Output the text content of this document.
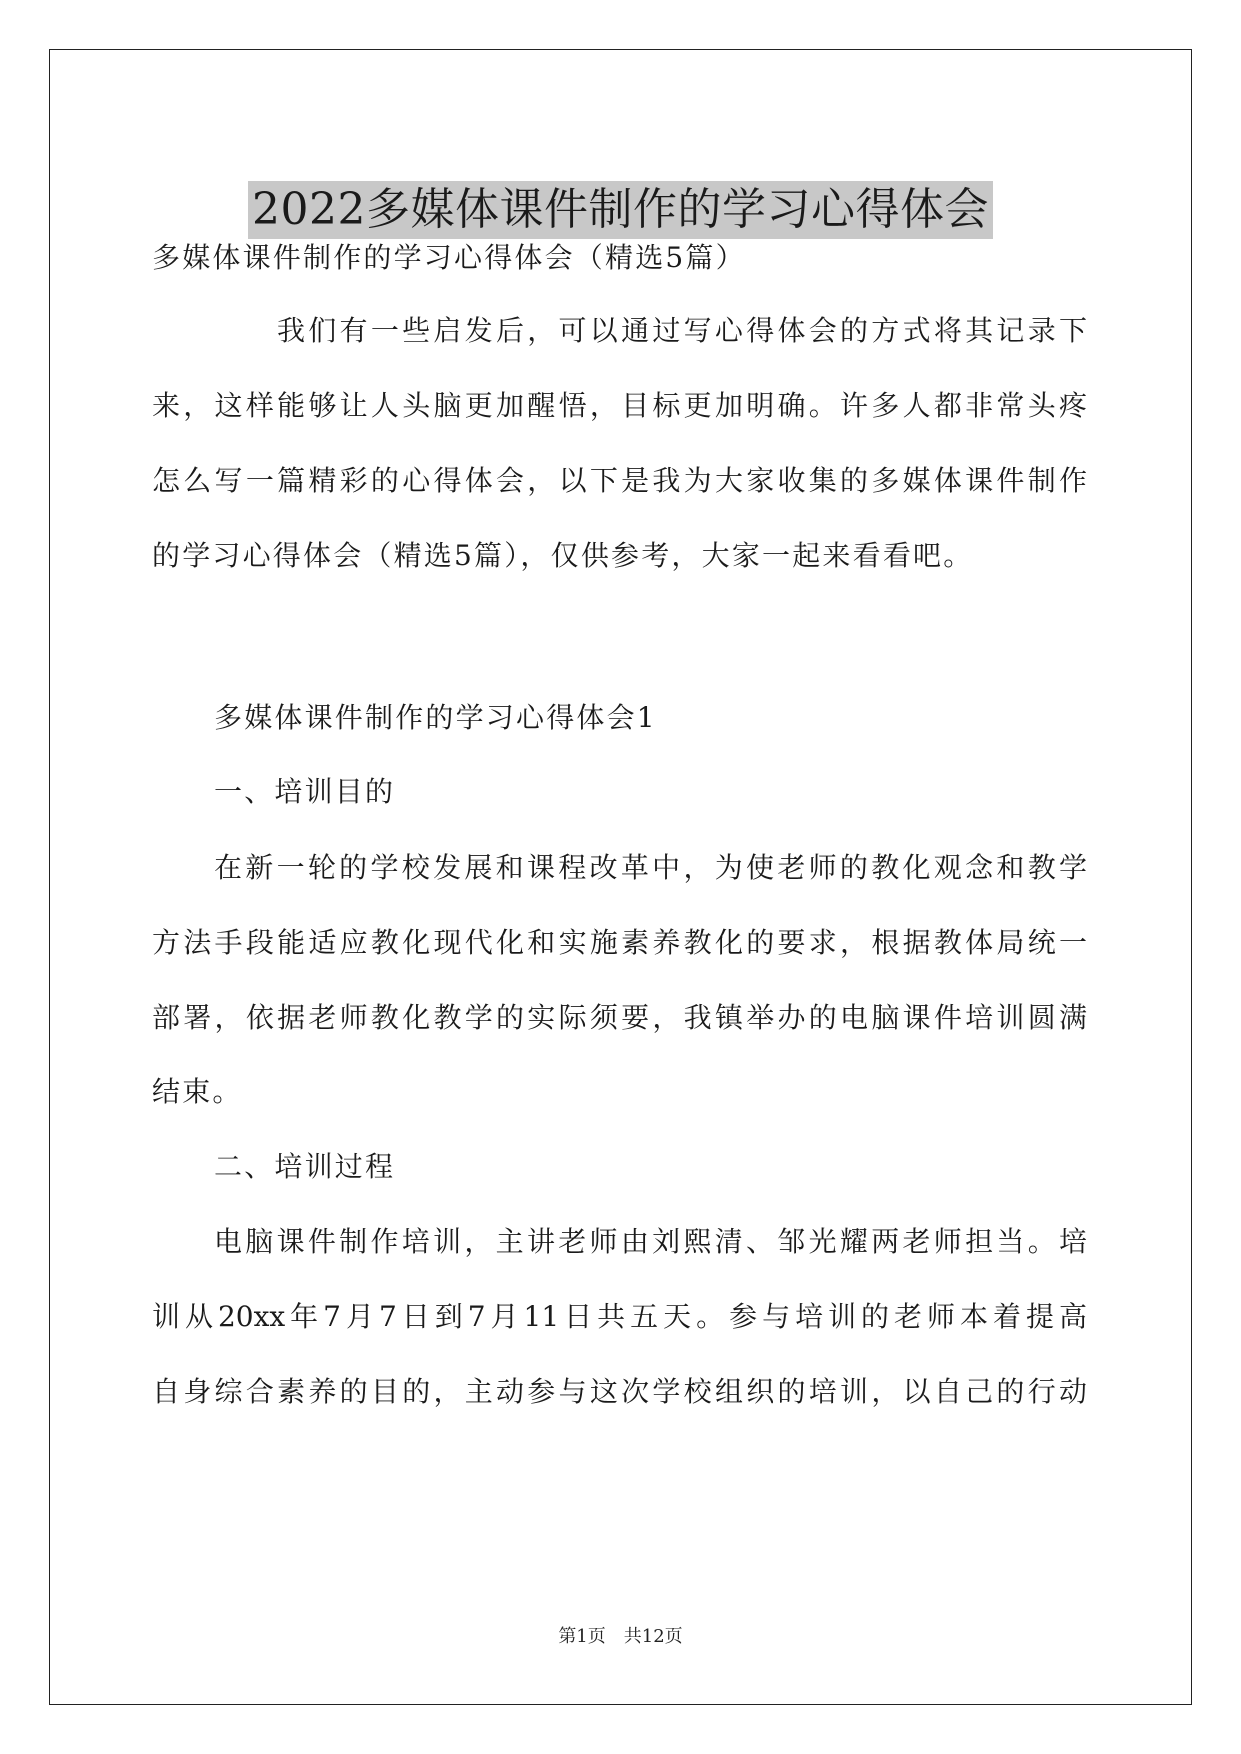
2022多媒体课件制作的学习心得体会
多媒体课件制作的学习心得体会（精选5篇）
我们有一些启发后，可以通过写心得体会的方式将其记录下
来，这样能够让人头脑更加醒悟，目标更加明确。许多人都非常头疼
怎么写一篇精彩的心得体会，以下是我为大家收集的多媒体课件制作
的学习心得体会（精选5篇），仅供参考，大家一起来看看吧。
多媒体课件制作的学习心得体会1
一、培训目的
在新一轮的学校发展和课程改革中，为使老师的教化观念和教学
方法手段能适应教化现代化和实施素养教化的要求，根据教体局统一
部署，依据老师教化教学的实际须要，我镇举办的电脑课件培训圆满
结束。
二、培训过程
电脑课件制作培训，主讲老师由刘熙清、邹光耀两老师担当。培
训从20xx年7月7日到7月11日共五天。参与培训的老师本着提高
自身综合素养的目的，主动参与这次学校组织的培训，以自己的行动
第1页　共12页
